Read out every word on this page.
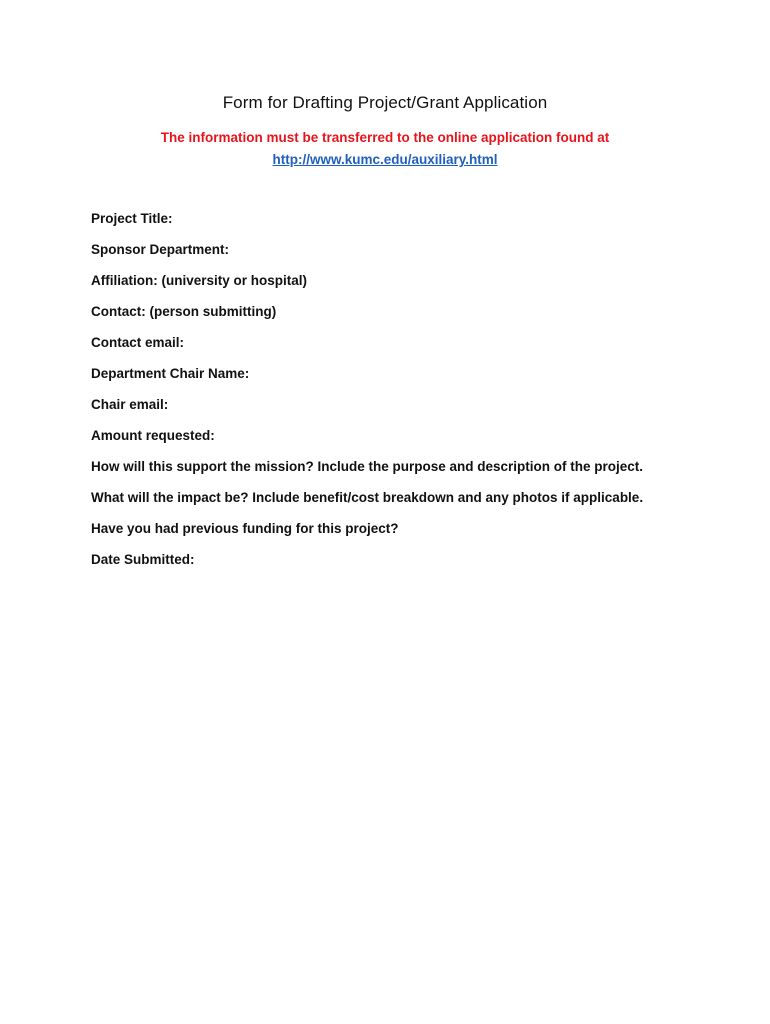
Form for Drafting Project/Grant Application

The information must be transferred to the online application found at
http://www.kumc.edu/auxiliary.html

Project Title:
Sponsor Department:
Affiliation: (university or hospital)
Contact: (person submitting)
Contact email:
Department Chair Name:
Chair email:
Amount requested:
How will this support the mission? Include the purpose and description of the project.
What will the impact be? Include benefit/cost breakdown and any photos if applicable.
Have you had previous funding for this project?
Date Submitted:
